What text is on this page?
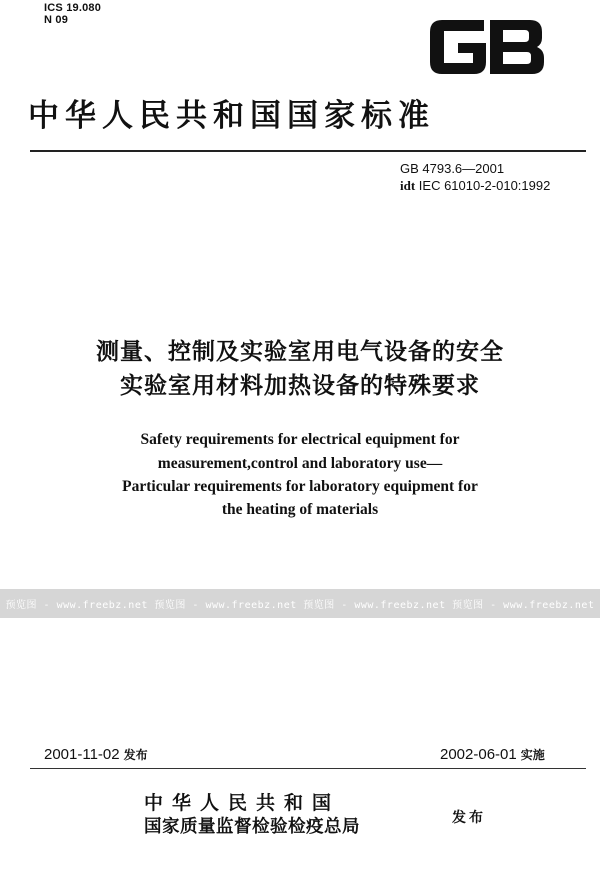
ICS 19.080
N 09
中华人民共和国国家标准
GB 4793.6—2001
idt IEC 61010-2-010:1992
测量、控制及实验室用电气设备的安全
实验室用材料加热设备的特殊要求
Safety requirements for electrical equipment for
measurement,control and laboratory use—
Particular requirements for laboratory equipment for
the heating of materials
预览图 - www.freebz.net 预览图 - www.freebz.net 预览图 - www.freebz.net 预览图 - www.freebz.net
2001-11-02 发布	2002-06-01 实施
中华人民共和国
国家质量监督检验检疫总局	发布
